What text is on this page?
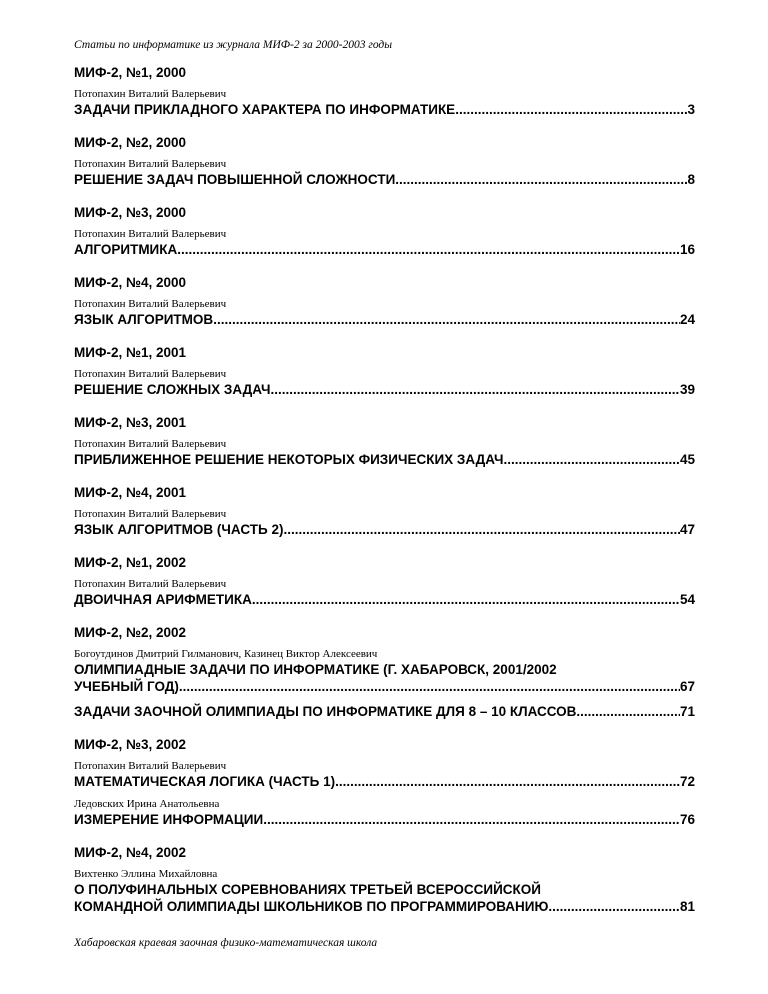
Статьи по информатике из журнала МИФ-2 за 2000-2003 годы
МИФ-2, №1, 2000
Потопахин Виталий Валерьевич
ЗАДАЧИ ПРИКЛАДНОГО ХАРАКТЕРА ПО ИНФОРМАТИКЕ .....	3
МИФ-2, №2, 2000
Потопахин Виталий Валерьевич
РЕШЕНИЕ ЗАДАЧ ПОВЫШЕННОЙ СЛОЖНОСТИ .....	8
МИФ-2, №3, 2000
Потопахин Виталий Валерьевич
АЛГОРИТМИКА .....	16
МИФ-2, №4, 2000
Потопахин Виталий Валерьевич
ЯЗЫК АЛГОРИТМОВ .....	24
МИФ-2, №1, 2001
Потопахин Виталий Валерьевич
РЕШЕНИЕ СЛОЖНЫХ ЗАДАЧ .....	39
МИФ-2, №3, 2001
Потопахин Виталий Валерьевич
ПРИБЛИЖЕННОЕ РЕШЕНИЕ НЕКОТОРЫХ ФИЗИЧЕСКИХ ЗАДАЧ .....	45
МИФ-2, №4, 2001
Потопахин Виталий Валерьевич
ЯЗЫК АЛГОРИТМОВ (ЧАСТЬ 2) .....	47
МИФ-2, №1, 2002
Потопахин Виталий Валерьевич
ДВОИЧНАЯ АРИФМЕТИКА .....	54
МИФ-2, №2, 2002
Богоутдинов Дмитрий Гилманович, Казинец Виктор Алексеевич
ОЛИМПИАДНЫЕ ЗАДАЧИ ПО ИНФОРМАТИКЕ (Г. ХАБАРОВСК, 2001/2002
УЧЕБНЫЙ ГОД) .....	67
ЗАДАЧИ ЗАОЧНОЙ ОЛИМПИАДЫ ПО ИНФОРМАТИКЕ ДЛЯ 8 – 10 КЛАССОВ .....	71
МИФ-2, №3, 2002
Потопахин Виталий Валерьевич
МАТЕМАТИЧЕСКАЯ ЛОГИКА (ЧАСТЬ 1) .....	72
Ледовских Ирина Анатольевна
ИЗМЕРЕНИЕ ИНФОРМАЦИИ .....	76
МИФ-2, №4, 2002
Вихтенко Эллина Михайловна
О ПОЛУФИНАЛЬНЫХ СОРЕВНОВАНИЯХ ТРЕТЬЕЙ ВСЕРОССИЙСКОЙ
КОМАНДНОЙ ОЛИМПИАДЫ ШКОЛЬНИКОВ ПО ПРОГРАММИРОВАНИЮ .....	81
Хабаровская краевая заочная физико-математическая школа
